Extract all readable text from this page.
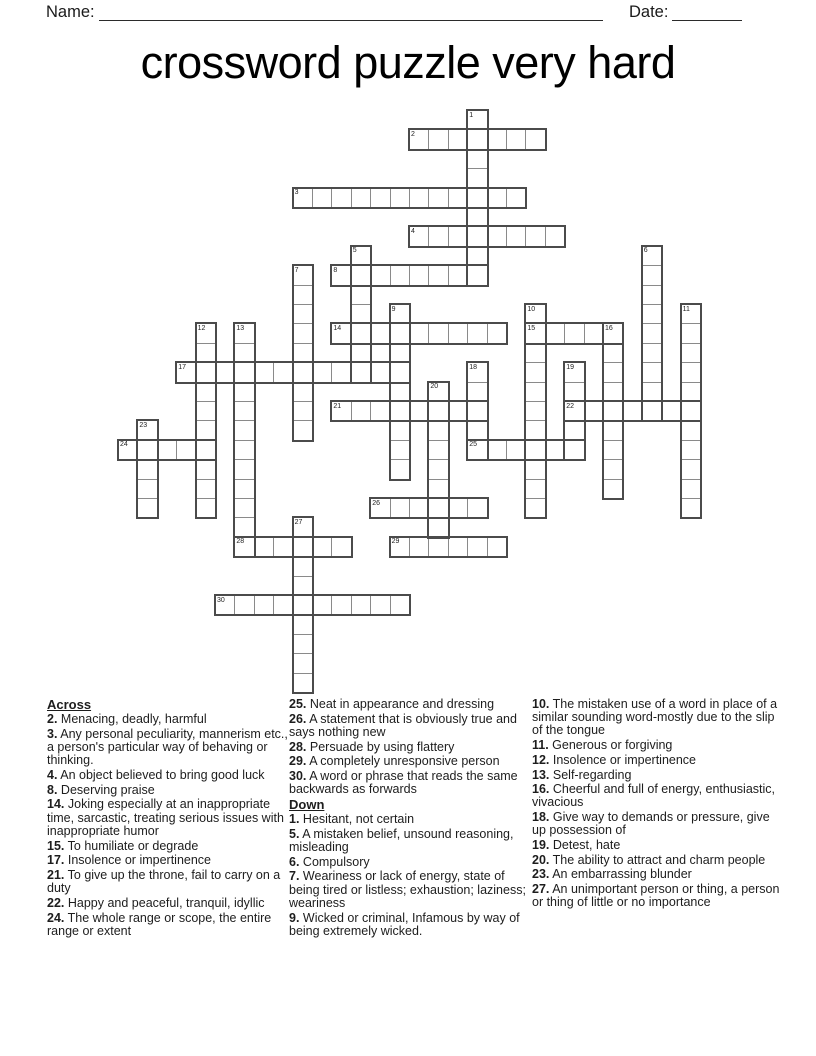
Name:	Date:
crossword puzzle very hard
1
2
3
4
5	6
7	8
9	10	11
12	13	14	15	16
17	18	19
20
21	22
23
24	25
26
27
28	29
30
Across
2. Menacing, deadly, harmful
3. Any personal peculiarity, mannerism etc., a person's particular way of behaving or thinking.
4. An object believed to bring good luck
8. Deserving praise
14. Joking especially at an inappropriate time, sarcastic, treating serious issues with inappropriate humor
15. To humiliate or degrade
17. Insolence or impertinence
21. To give up the throne, fail to carry on a duty
22. Happy and peaceful, tranquil, idyllic
24. The whole range or scope, the entire range or extent
25. Neat in appearance and dressing
26. A statement that is obviously true and says nothing new
28. Persuade by using flattery
29. A completely unresponsive person
30. A word or phrase that reads the same backwards as forwards
Down
1. Hesitant, not certain
5. A mistaken belief, unsound reasoning, misleading
6. Compulsory
7. Weariness or lack of energy, state of being tired or listless; exhaustion; laziness; weariness
9. Wicked or criminal, Infamous by way of being extremely wicked.
10. The mistaken use of a word in place of a similar sounding word-mostly due to the slip of the tongue
11. Generous or forgiving
12. Insolence or impertinence
13. Self-regarding
16. Cheerful and full of energy, enthusiastic, vivacious
18. Give way to demands or pressure, give up possession of
19. Detest, hate
20. The ability to attract and charm people
23. An embarrassing blunder
27. An unimportant person or thing, a person or thing of little or no importance
